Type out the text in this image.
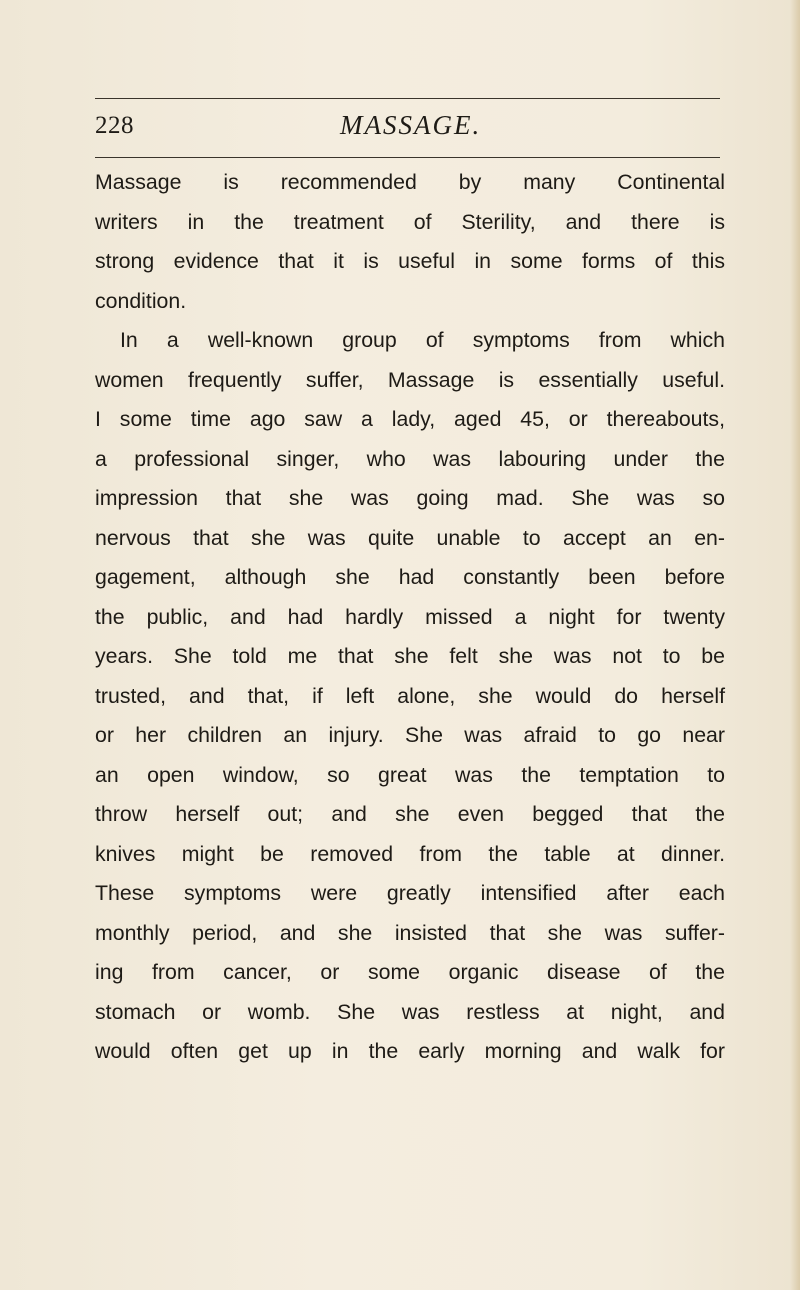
228	MASSAGE.
Massage is recommended by many Continental
writers in the treatment of Sterility, and there is
strong evidence that it is useful in some forms of this
condition.
In a well-known group of symptoms from which
women frequently suffer, Massage is essentially useful.
I some time ago saw a lady, aged 45, or thereabouts,
a professional singer, who was labouring under the
impression that she was going mad. She was so
nervous that she was quite unable to accept an en-
gagement, although she had constantly been before
the public, and had hardly missed a night for twenty
years. She told me that she felt she was not to be
trusted, and that, if left alone, she would do herself
or her children an injury. She was afraid to go near
an open window, so great was the temptation to
throw herself out; and she even begged that the
knives might be removed from the table at dinner.
These symptoms were greatly intensified after each
monthly period, and she insisted that she was suffer-
ing from cancer, or some organic disease of the
stomach or womb. She was restless at night, and
would often get up in the early morning and walk for
